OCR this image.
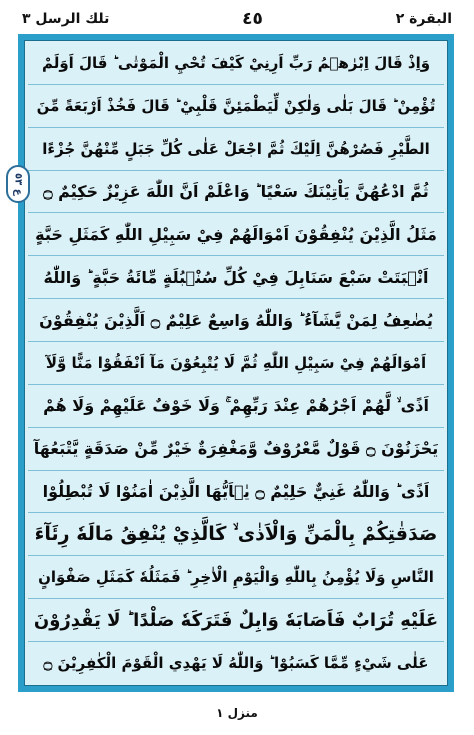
البقرة ٢
٤٥
تلك الرسل ٣
وَاِذْ قَالَ اِبْرٰهٖمُ رَبِّ اَرِنِيْ كَيْفَ تُحْيِ الْمَوْتٰى ؕ قَالَ اَوَلَمْ
تُؤْمِنْ ؕ قَالَ بَلٰى وَلٰكِنْ لِّيَطْمَئِنَّ قَلْبِيْ ؕ قَالَ فَخُذْ اَرْبَعَةً مِّنَ
الطَّيْرِ فَصُرْهُنَّ اِلَيْكَ ثُمَّ اجْعَلْ عَلٰى كُلِّ جَبَلٍ مِّنْهُنَّ جُزْءًا
ثُمَّ ادْعُهُنَّ يَاْتِيْنَكَ سَعْيًا ؕ وَاعْلَمْ اَنَّ اللّٰهَ عَزِيْزٌ حَكِيْمٌ ۝
مَثَلُ الَّذِيْنَ يُنْفِقُوْنَ اَمْوَالَهُمْ فِيْ سَبِيْلِ اللّٰهِ كَمَثَلِ حَبَّةٍ
اَنْۢبَتَتْ سَبْعَ سَنَابِلَ فِيْ كُلِّ سُنْۢبُلَةٍ مِّائَةُ حَبَّةٍ ؕ وَاللّٰهُ
يُضٰعِفُ لِمَنْ يَّشَآءُ ؕ وَاللّٰهُ وَاسِعٌ عَلِيْمٌ ۝ اَلَّذِيْنَ يُنْفِقُوْنَ
اَمْوَالَهُمْ فِيْ سَبِيْلِ اللّٰهِ ثُمَّ لَا يُتْبِعُوْنَ مَآ اَنْفَقُوْا مَنًّا وَّلَآ
اَذًى ۙ لَّهُمْ اَجْرُهُمْ عِنْدَ رَبِّهِمْ ۚ وَلَا خَوْفٌ عَلَيْهِمْ وَلَا هُمْ
يَحْزَنُوْنَ ۝ قَوْلٌ مَّعْرُوْفٌ وَّمَغْفِرَةٌ خَيْرٌ مِّنْ صَدَقَةٍ يَّتْبَعُهَآ
اَذًى ؕ وَاللّٰهُ غَنِيٌّ حَلِيْمٌ ۝ يٰۤاَيُّهَا الَّذِيْنَ اٰمَنُوْا لَا تُبْطِلُوْا
صَدَقٰتِكُمْ بِالْمَنِّ وَالْاَذٰى ۙ كَالَّذِيْ يُنْفِقُ مَالَهٗ رِئَآءَ
النَّاسِ وَلَا يُؤْمِنُ بِاللّٰهِ وَالْيَوْمِ الْاٰخِرِ ؕ فَمَثَلُهٗ كَمَثَلِ صَفْوَانٍ
عَلَيْهِ تُرَابٌ فَاَصَابَهٗ وَابِلٌ فَتَرَكَهٗ صَلْدًا ؕ لَا يَقْدِرُوْنَ
عَلٰى شَيْءٍ مِّمَّا كَسَبُوْا ؕ وَاللّٰهُ لَا يَهْدِي الْقَوْمَ الْكٰفِرِيْنَ ۝
ع ٥٣
منزل ١
